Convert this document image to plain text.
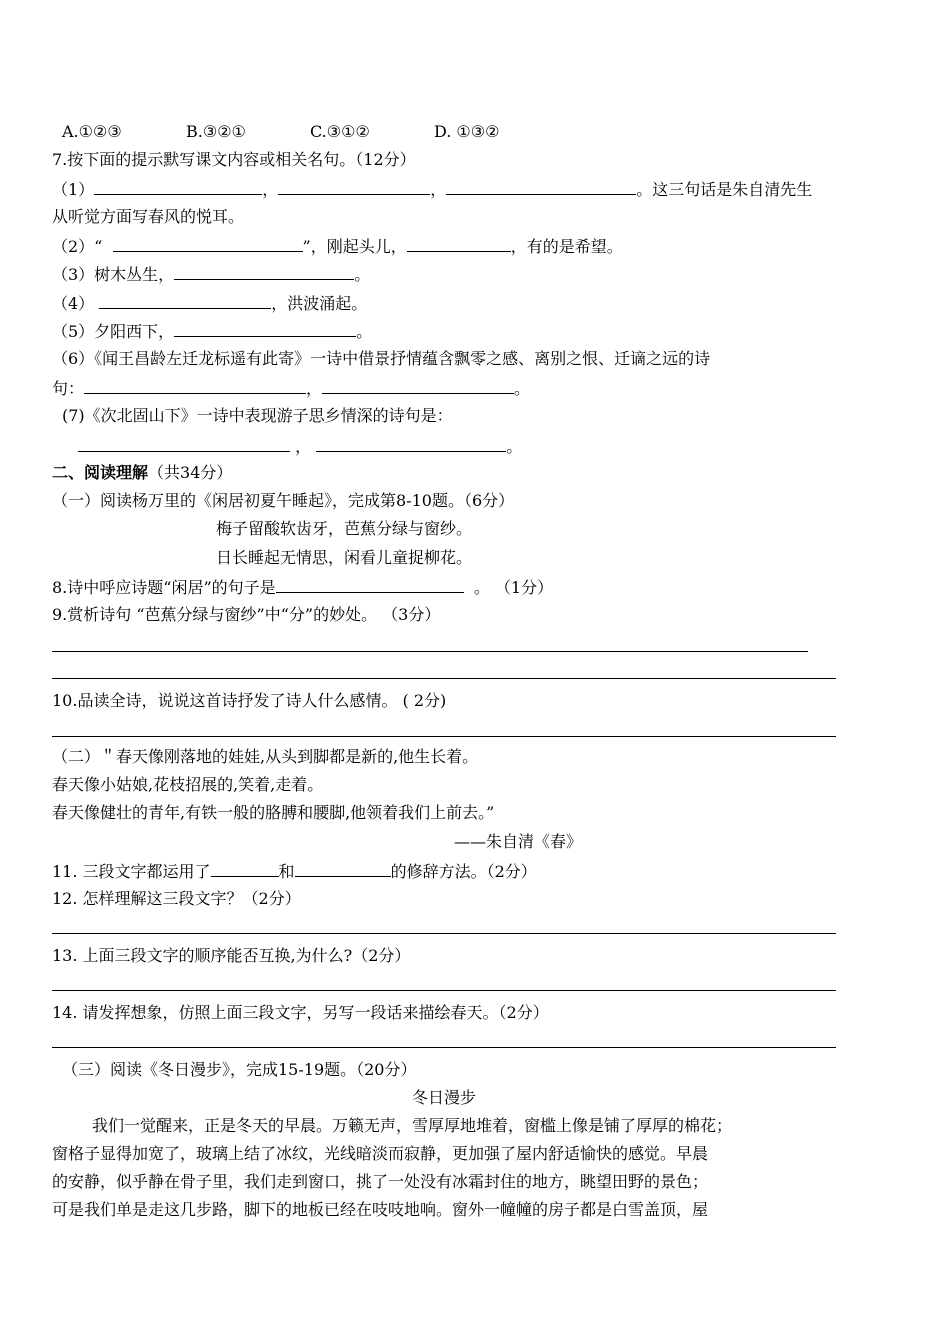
A.①②③	B.③②①	C.③①②	D. ①③②
7.按下面的提示默写课文内容或相关名句。（12分）
（1）	，	，	。这三句话是朱自清先生
从听觉方面写春风的悦耳。
（2）“	”，刚起头儿，	，有的是希望。
（3）树木丛生，	。
（4）	，洪波涌起。
（5）夕阳西下，	。
（6）《闻王昌龄左迁龙标遥有此寄》一诗中借景抒情蕴含飘零之感、离别之恨、迁谪之远的诗
句：	，	。
(7)《次北固山下》一诗中表现游子思乡情深的诗句是：
，	。
二、阅读理解（共34分）
（一）阅读杨万里的《闲居初夏午睡起》，完成第8-10题。（6分）
梅子留酸软齿牙，芭蕉分绿与窗纱。
日长睡起无情思，闲看儿童捉柳花。
8.诗中呼应诗题“闲居”的句子是	。 （1分）
9.赏析诗句 “芭蕉分绿与窗纱”中“分”的妙处。 （3分）
10.品读全诗，说说这首诗抒发了诗人什么感情。 ( 2分)
（二）＂春天像刚落地的娃娃,从头到脚都是新的,他生长着。
春天像小姑娘,花枝招展的,笑着,走着。
春天像健壮的青年,有铁一般的胳膊和腰脚,他领着我们上前去。”
——朱自清《春》
11. 三段文字都运用了	和	的修辞方法。（2分）
12. 怎样理解这三段文字？（2分）
13. 上面三段文字的顺序能否互换,为什么?（2分）
14. 请发挥想象，仿照上面三段文字，另写一段话来描绘春天。（2分）
（三）阅读《冬日漫步》，完成15-19题。（20分）
冬日漫步
我们一觉醒来，正是冬天的早晨。万籁无声，雪厚厚地堆着，窗槛上像是铺了厚厚的棉花；
窗格子显得加宽了，玻璃上结了冰纹，光线暗淡而寂静，更加强了屋内舒适愉快的感觉。早晨
的安静，似乎静在骨子里，我们走到窗口，挑了一处没有冰霜封住的地方，眺望田野的景色；
可是我们单是走这几步路，脚下的地板已经在吱吱地响。窗外一幢幢的房子都是白雪盖顶，屋
